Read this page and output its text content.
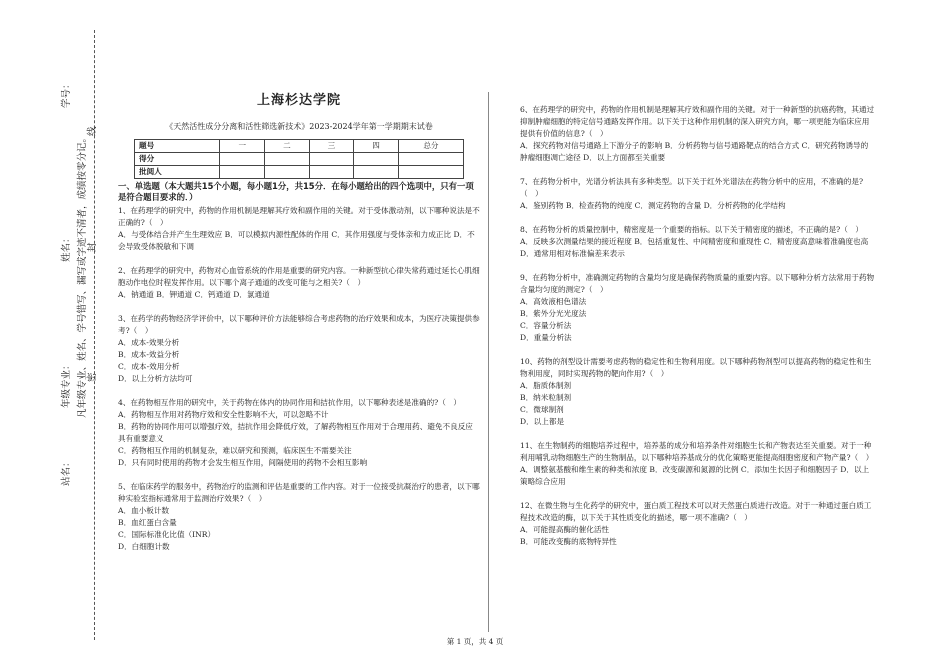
学号：
姓名：
年级专业：
站名：
凡年级专业、姓名、学号错写、漏写或字迹不清者，成绩按零分记。 密
封
线
上海杉达学院
《天然活性成分分离和活性筛选新技术》2023-2024学年第一学期期末试卷
题号	一	二	三	四	总分
得分					
批阅人					
一、单选题（本大题共15个小题，每小题1分，共15分．在每小题给出的四个选项中，只有一项是符合题目要求的．）
1、在药理学的研究中，药物的作用机制是理解其疗效和副作用的关键。对于受体激动剂，以下哪种说法是不正确的?（　）
A．与受体结合并产生生理效应 B．可以模拟内源性配体的作用 C．其作用强度与受体亲和力成正比 D．不会导致受体脱敏和下调
2、在药理学的研究中，药物对心血管系统的作用是重要的研究内容。一种新型抗心律失常药通过延长心肌细胞动作电位时程发挥作用。以下哪个离子通道的改变可能与之相关?（　）
A．钠通道 B．钾通道 C．钙通道 D．氯通道
3、在药学的药物经济学评价中，以下哪种评价方法能够综合考虑药物的治疗效果和成本，为医疗决策提供参考?（　）
A．成本-效果分析
B．成本-效益分析
C．成本-效用分析
D．以上分析方法均可
4、在药物相互作用的研究中，关于药物在体内的协同作用和拮抗作用，以下哪种表述是准确的?（　）
A．药物相互作用对药物疗效和安全性影响不大，可以忽略不计
B．药物的协同作用可以增强疗效，拮抗作用会降低疗效，了解药物相互作用对于合理用药、避免不良反应具有重要意义
C．药物相互作用的机制复杂，难以研究和预测，临床医生不需要关注
D．只有同时使用的药物才会发生相互作用，间隔使用的药物不会相互影响
5、在临床药学的服务中，药物治疗的监测和评估是重要的工作内容。对于一位接受抗凝治疗的患者，以下哪种实验室指标通常用于监测治疗效果?（　）
A．血小板计数
B．血红蛋白含量
C．国际标准化比值（INR）
D．白细胞计数
6、在药理学的研究中，药物的作用机制是理解其疗效和副作用的关键。对于一种新型的抗癌药物，其通过抑制肿瘤细胞的特定信号通路发挥作用。以下关于这种作用机制的深入研究方向，哪一项更能为临床应用提供有价值的信息?（　）
A．探究药物对信号通路上下游分子的影响 B．分析药物与信号通路靶点的结合方式 C．研究药物诱导的肿瘤细胞凋亡途径 D．以上方面都至关重要
7、在药物分析中，光谱分析法具有多种类型。以下关于红外光谱法在药物分析中的应用，不准确的是?（　）
A．鉴别药物 B．检查药物的纯度 C．测定药物的含量 D．分析药物的化学结构
8、在药物分析的质量控制中，精密度是一个重要的指标。以下关于精密度的描述，不正确的是?（　）
A．反映多次测量结果的接近程度 B．包括重复性、中间精密度和重现性 C．精密度高意味着准确度也高 D．通常用相对标准偏差来表示
9、在药物分析中，准确测定药物的含量均匀度是确保药物质量的重要内容。以下哪种分析方法常用于药物含量均匀度的测定?（　）
A．高效液相色谱法
B．紫外分光光度法
C．容量分析法
D．重量分析法
10、药物的剂型设计需要考虑药物的稳定性和生物利用度。以下哪种药物剂型可以提高药物的稳定性和生物利用度，同时实现药物的靶向作用?（　）
A．脂质体制剂
B．纳米粒制剂
C．微球制剂
D．以上都是
11、在生物制药的细胞培养过程中，培养基的成分和培养条件对细胞生长和产物表达至关重要。对于一种利用哺乳动物细胞生产的生物制品，以下哪种培养基成分的优化策略更能提高细胞密度和产物产量?（　）
A．调整氨基酸和维生素的种类和浓度 B．改变碳源和氮源的比例 C．添加生长因子和细胞因子 D．以上策略综合应用
12、在微生物与生化药学的研究中，蛋白质工程技术可以对天然蛋白质进行改造。对于一种通过蛋白质工程技术改造的酶，以下关于其性质变化的描述，哪一项不准确?（　）
A．可能提高酶的催化活性
B．可能改变酶的底物特异性
第 1 页，共 4 页
